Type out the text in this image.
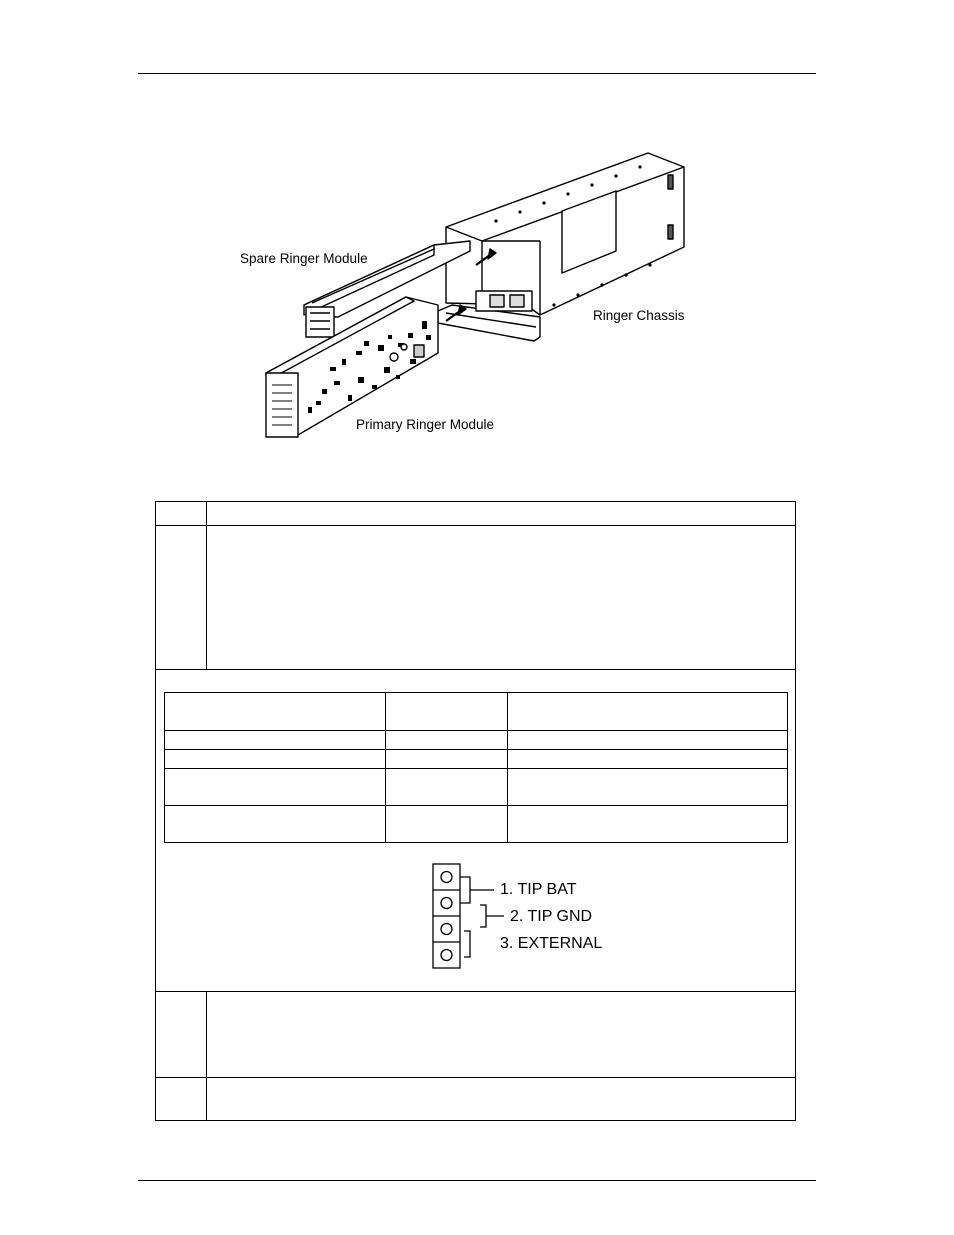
Spare Ringer Module
Ringer Chassis
Primary Ringer Module

1. TIP BAT
2. TIP GND
3. EXTERNAL
